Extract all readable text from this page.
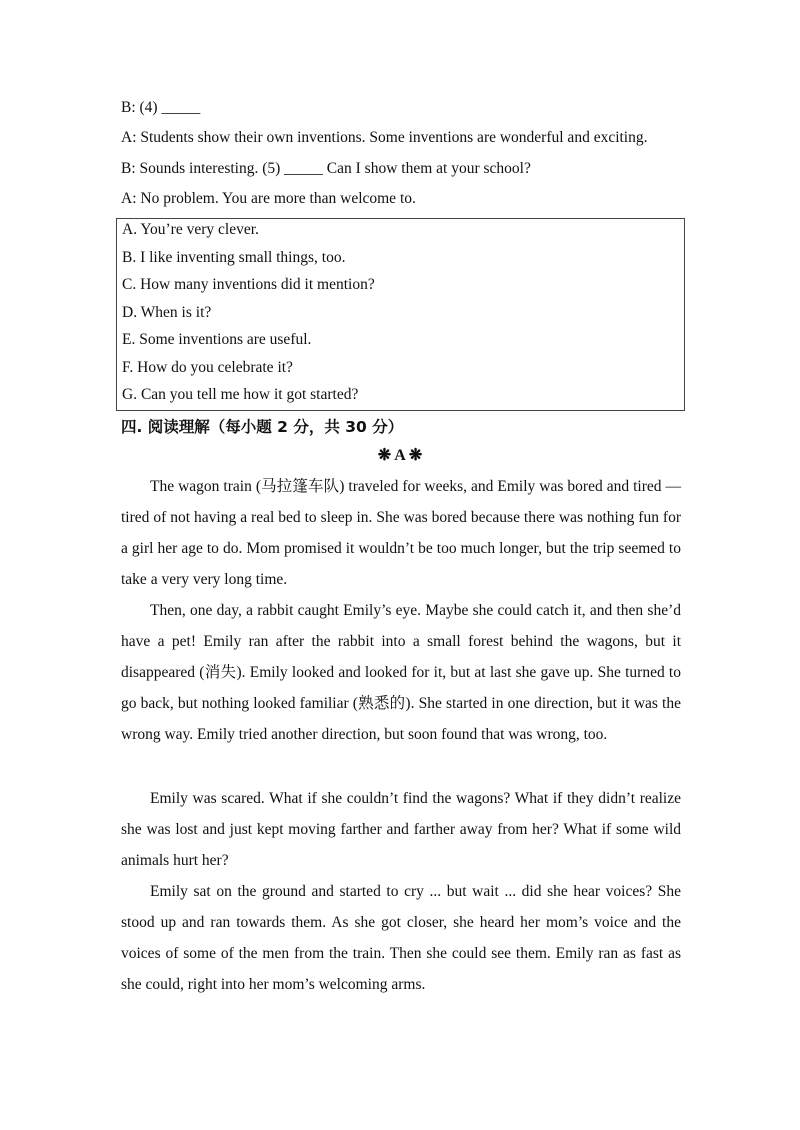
B: (4) _____
A: Students show their own inventions. Some inventions are wonderful and exciting.
B: Sounds interesting. (5) _____ Can I show them at your school?
A: No problem. You are more than welcome to.
A. You’re very clever.
B. I like inventing small things, too.
C. How many inventions did it mention?
D. When is it?
E. Some inventions are useful.
F. How do you celebrate it?
G. Can you tell me how it got started?
四. 阅读理解（每小题 2 分，共 30 分）
❋ A ❋
The wagon train (马拉篷车队) traveled for weeks, and Emily was bored and tired — tired of not having a real bed to sleep in. She was bored because there was nothing fun for a girl her age to do. Mom promised it wouldn’t be too much longer, but the trip seemed to take a very very long time.
Then, one day, a rabbit caught Emily’s eye. Maybe she could catch it, and then she’d have a pet! Emily ran after the rabbit into a small forest behind the wagons, but it disappeared (消失). Emily looked and looked for it, but at last she gave up. She turned to go back, but nothing looked familiar (熟悉的). She started in one direction, but it was the wrong way. Emily tried another direction, but soon found that was wrong, too.
Emily was scared. What if she couldn’t find the wagons? What if they didn’t realize she was lost and just kept moving farther and farther away from her? What if some wild animals hurt her?
Emily sat on the ground and started to cry ... but wait ... did she hear voices? She stood up and ran towards them. As she got closer, she heard her mom’s voice and the voices of some of the men from the train. Then she could see them. Emily ran as fast as she could, right into her mom’s welcoming arms.
